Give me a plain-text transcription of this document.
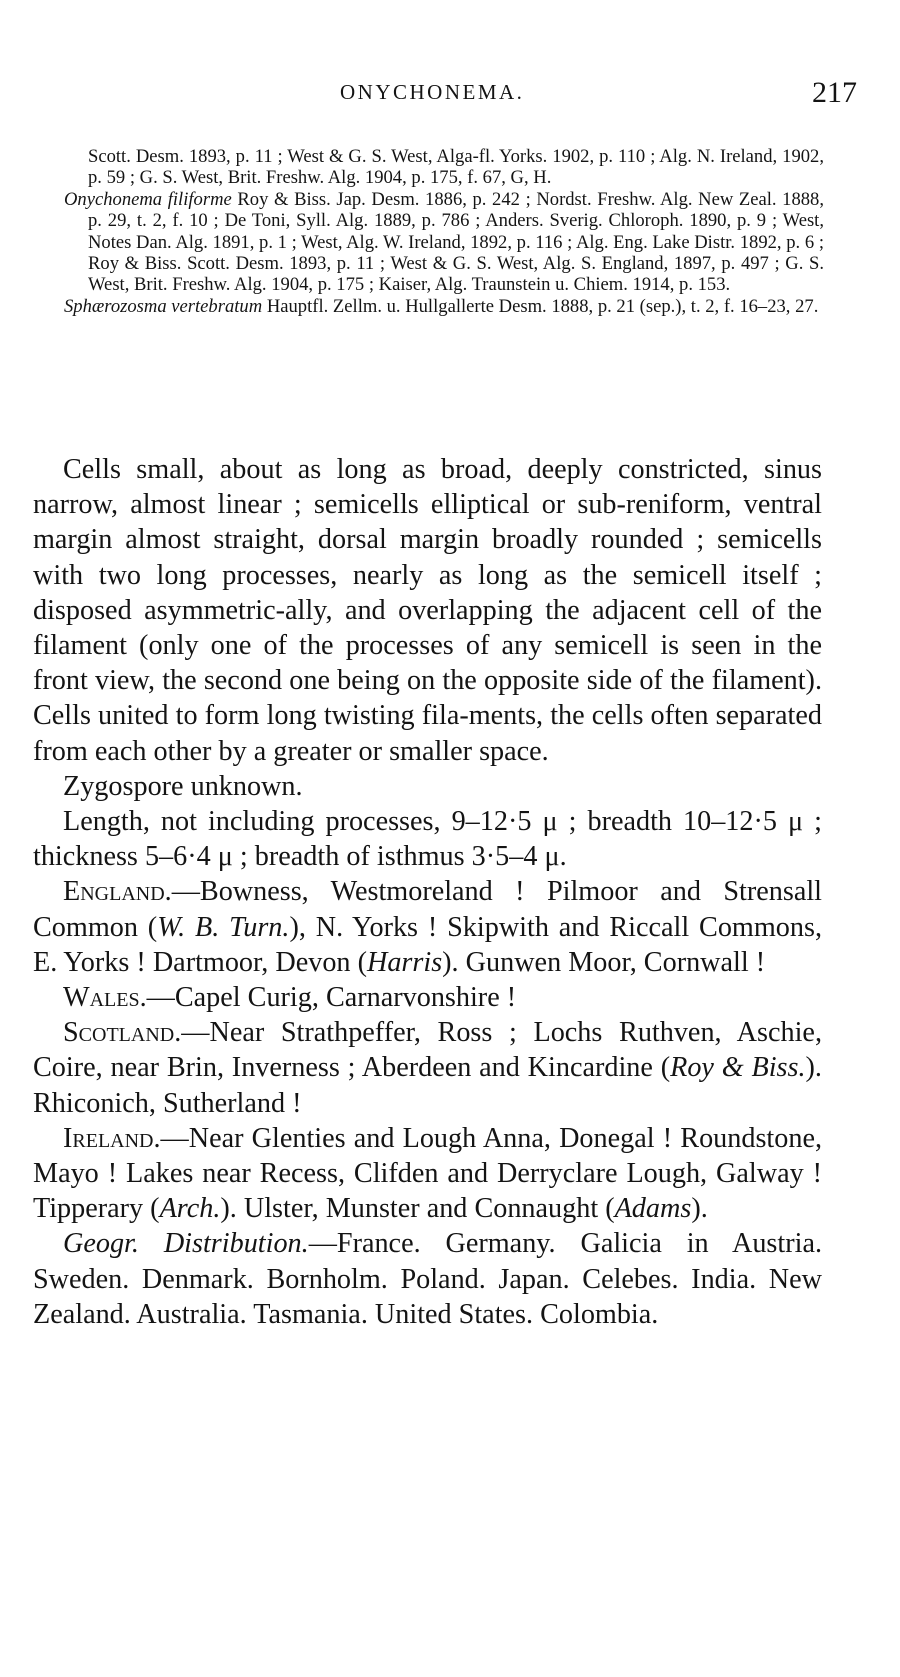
ONYCHONEMA.	217

Scott. Desm. 1893, p. 11 ; West & G. S. West, Alga-fl. Yorks. 1902, p. 110 ; Alg. N. Ireland, 1902, p. 59 ; G. S. West, Brit. Freshw. Alg. 1904, p. 175, f. 67, G, H.

Onychonema filiforme Roy & Biss. Jap. Desm. 1886, p. 242 ; Nordst. Freshw. Alg. New Zeal. 1888, p. 29, t. 2, f. 10 ; De Toni, Syll. Alg. 1889, p. 786 ; Anders. Sverig. Chloroph. 1890, p. 9 ; West, Notes Dan. Alg. 1891, p. 1 ; West, Alg. W. Ireland, 1892, p. 116 ; Alg. Eng. Lake Distr. 1892, p. 6 ; Roy & Biss. Scott. Desm. 1893, p. 11 ; West & G. S. West, Alg. S. England, 1897, p. 497 ; G. S. West, Brit. Freshw. Alg. 1904, p. 175 ; Kaiser, Alg. Traunstein u. Chiem. 1914, p. 153.

Sphærozosma vertebratum Hauptfl. Zellm. u. Hullgallerte Desm. 1888, p. 21 (sep.), t. 2, f. 16–23, 27.

Cells small, about as long as broad, deeply constricted, sinus narrow, almost linear ; semicells elliptical or sub-reniform, ventral margin almost straight, dorsal margin broadly rounded ; semicells with two long processes, nearly as long as the semicell itself ; disposed asymmetric-ally, and overlapping the adjacent cell of the filament (only one of the processes of any semicell is seen in the front view, the second one being on the opposite side of the filament). Cells united to form long twisting fila-ments, the cells often separated from each other by a greater or smaller space.

Zygospore unknown.

Length, not including processes, 9–12·5 μ ; breadth 10–12·5 μ ; thickness 5–6·4 μ ; breadth of isthmus 3·5–4 μ.

England.—Bowness, Westmoreland ! Pilmoor and Strensall Common (W. B. Turn.), N. Yorks ! Skipwith and Riccall Commons, E. Yorks ! Dartmoor, Devon (Harris). Gunwen Moor, Cornwall !

Wales.—Capel Curig, Carnarvonshire !

Scotland.—Near Strathpeffer, Ross ; Lochs Ruthven, Aschie, Coire, near Brin, Inverness ; Aberdeen and Kincardine (Roy & Biss.). Rhiconich, Sutherland !

Ireland.—Near Glenties and Lough Anna, Donegal ! Roundstone, Mayo ! Lakes near Recess, Clifden and Derryclare Lough, Galway ! Tipperary (Arch.). Ulster, Munster and Connaught (Adams).

Geogr. Distribution.—France. Germany. Galicia in Austria. Sweden. Denmark. Bornholm. Poland. Japan. Celebes. India. New Zealand. Australia. Tasmania. United States. Colombia.
